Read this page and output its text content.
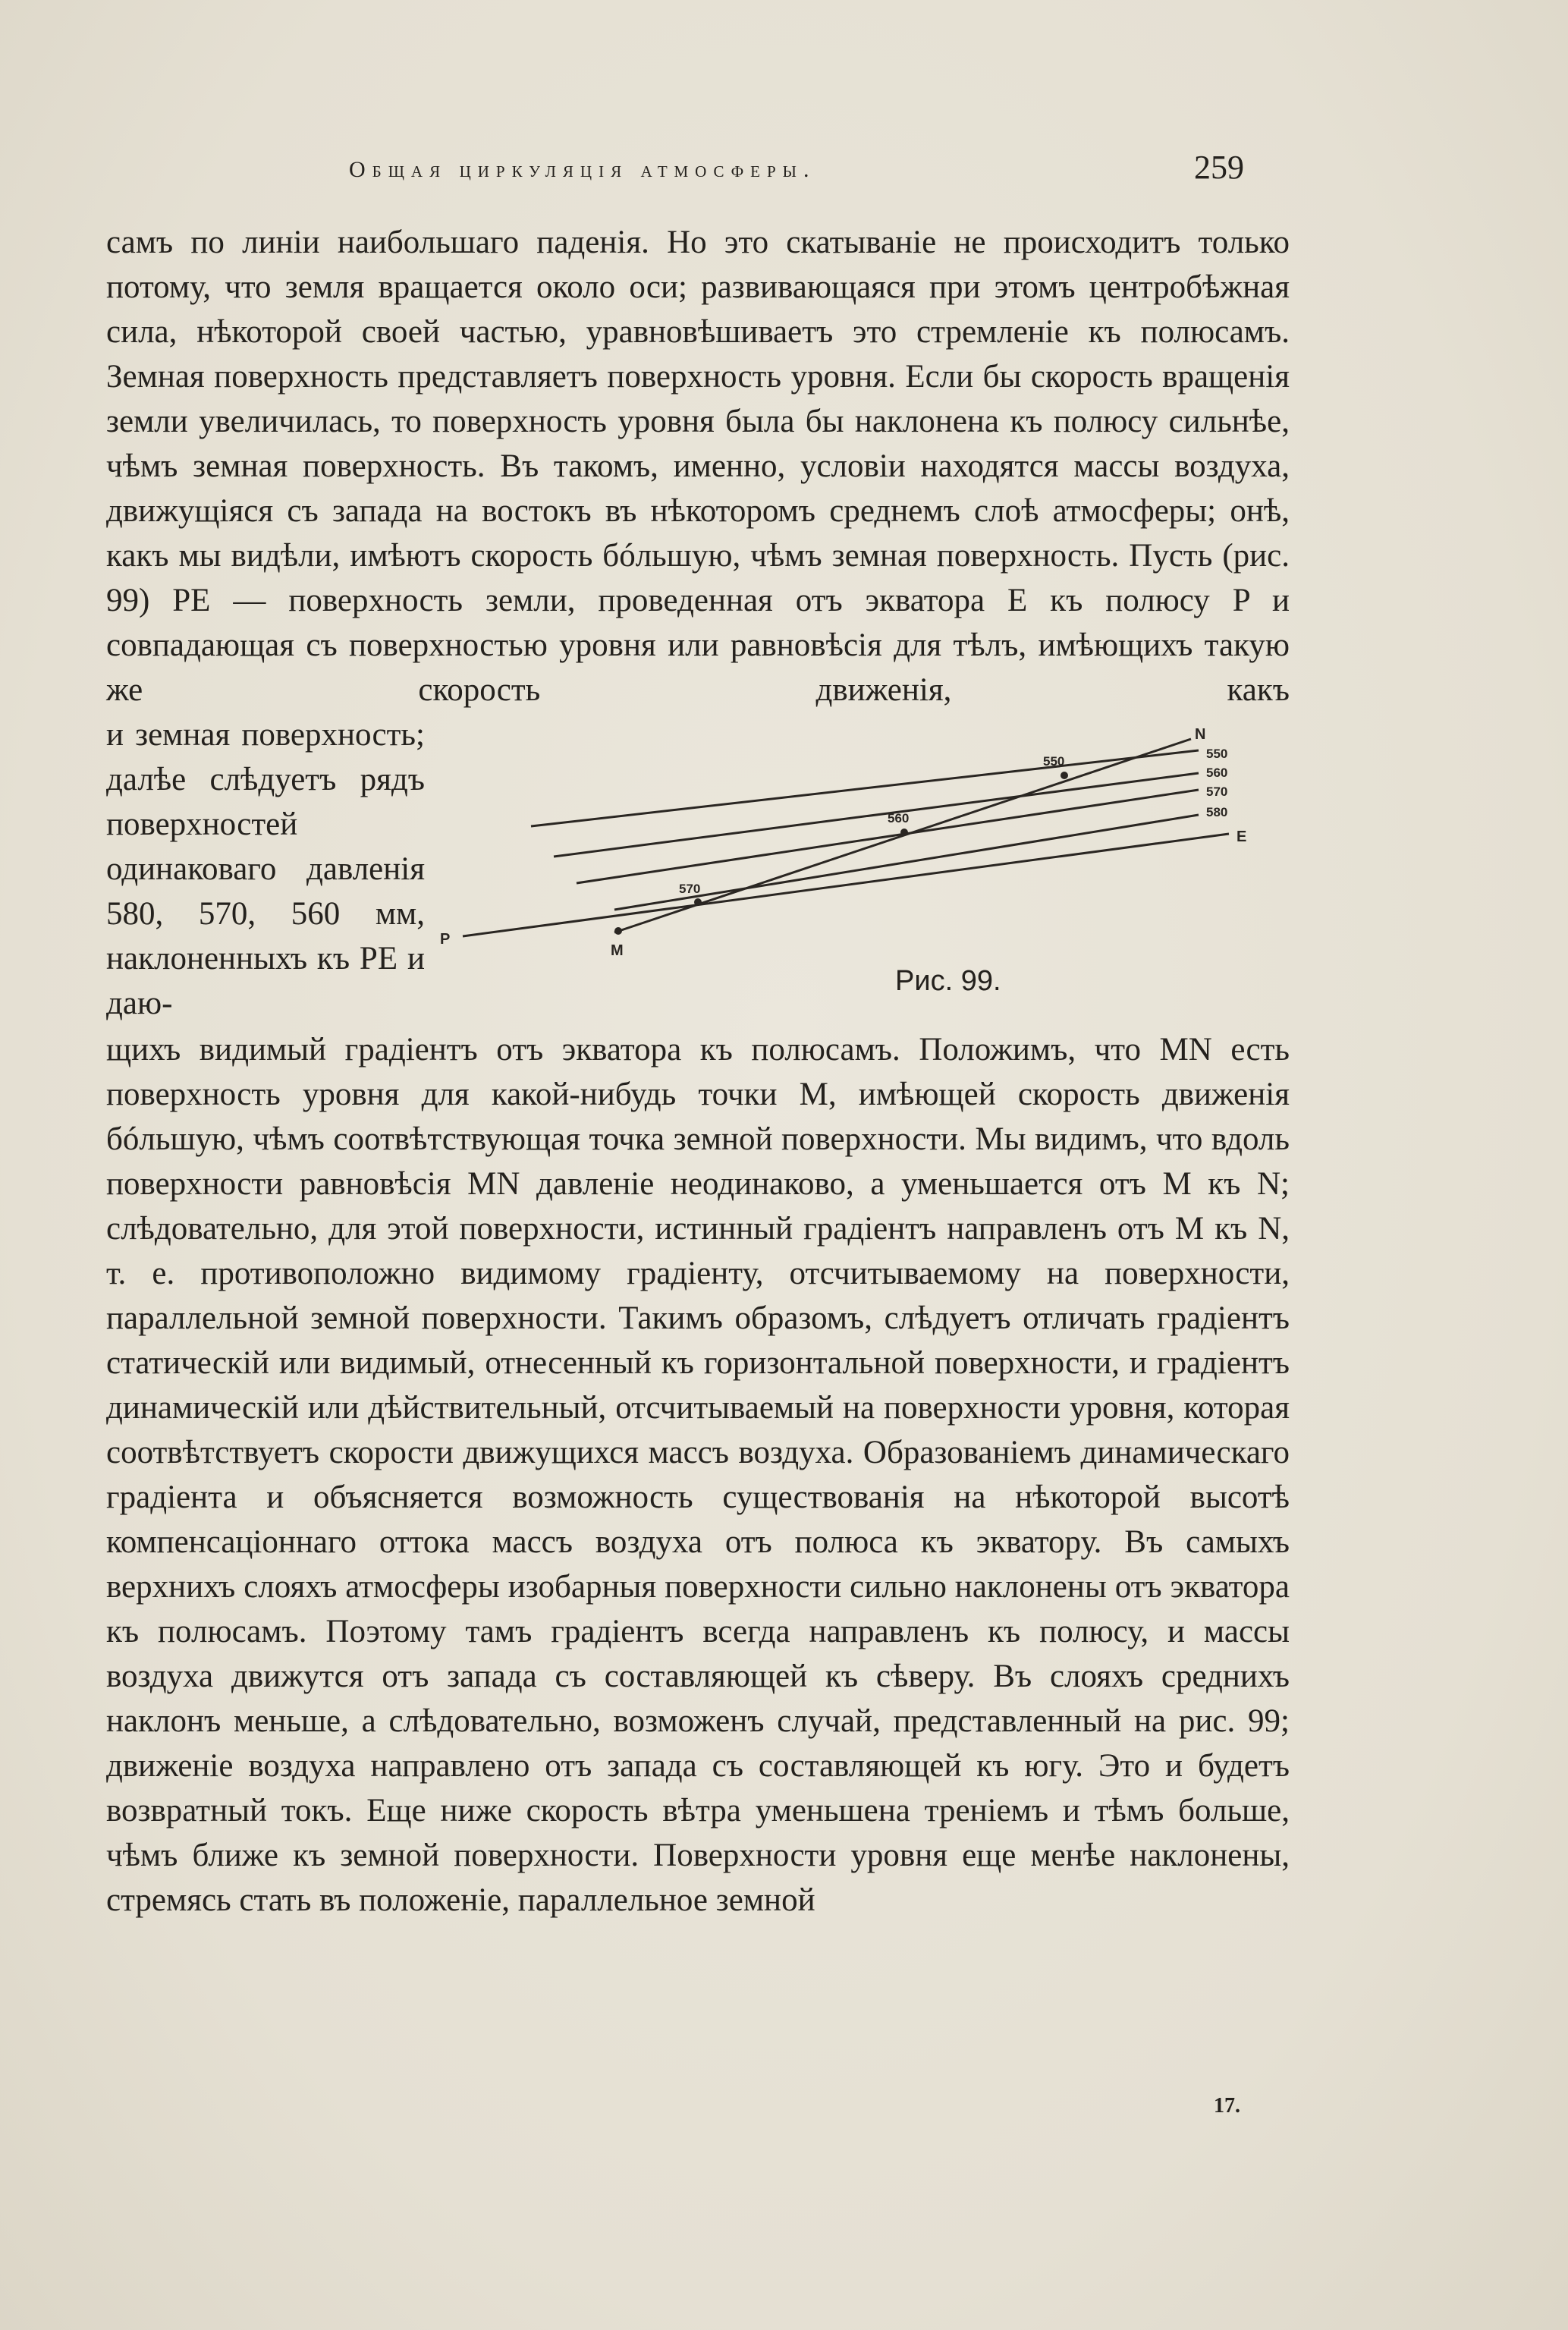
Общая циркуляція атмосферы.	259

самъ по линіи наибольшаго паденія. Но это скатываніе не происходитъ только потому, что земля вращается около оси; развивающаяся при этомъ центробѣжная сила, нѣкоторой своей частью, уравновѣшиваетъ это стремленіе къ полюсамъ. Земная поверхность представляетъ поверхность уровня. Если бы скорость вращенія земли увеличилась, то поверхность уровня была бы наклонена къ полюсу сильнѣе, чѣмъ земная поверхность. Въ такомъ, именно, условіи находятся массы воздуха, движущіяся съ запада на востокъ въ нѣкоторомъ среднемъ слоѣ атмосферы; онѣ, какъ мы видѣли, имѣютъ скорость бóльшую, чѣмъ земная поверхность. Пусть (рис. 99) PE — поверхность земли, проведенная отъ экватора E къ полюсу P и совпадающая съ поверхностью уровня или равновѣсія для тѣлъ, имѣющихъ такую же скорость движенія, какъ

и земная поверхность; далѣе слѣдуетъ рядъ поверхностей одинаковаго давленія 580, 570, 560 мм, наклоненныхъ къ PE и даю-
P
M
N
E
550
560
570
580
570
560
550
Рис. 99.

щихъ видимый градіентъ отъ экватора къ полюсамъ. Положимъ, что MN есть поверхность уровня для какой-нибудь точки M, имѣющей скорость движенія бóльшую, чѣмъ соотвѣтствующая точка земной поверхности. Мы видимъ, что вдоль поверхности равновѣсія MN давленіе неодинаково, а уменьшается отъ M къ N; слѣдовательно, для этой поверхности, истинный градіентъ направленъ отъ M къ N, т. е. противоположно видимому градіенту, отсчитываемому на поверхности, параллельной земной поверхности. Такимъ образомъ, слѣдуетъ отличать градіентъ статическій или видимый, отнесенный къ горизонтальной поверхности, и градіентъ динамическій или дѣйствительный, отсчитываемый на поверхности уровня, которая соотвѣтствуетъ скорости движущихся массъ воздуха. Образованіемъ динамическаго градіента и объясняется возможность существованія на нѣкоторой высотѣ компенсаціоннаго оттока массъ воздуха отъ полюса къ экватору. Въ самыхъ верхнихъ слояхъ атмосферы изобарныя поверхности сильно наклонены отъ экватора къ полюсамъ. Поэтому тамъ градіентъ всегда направленъ къ полюсу, и массы воздуха движутся отъ запада съ составляющей къ сѣверу. Въ слояхъ среднихъ наклонъ меньше, а слѣдовательно, возможенъ случай, представленный на рис. 99; движеніе воздуха направлено отъ запада съ составляющей къ югу. Это и будетъ возвратный токъ. Еще ниже скорость вѣтра уменьшена треніемъ и тѣмъ больше, чѣмъ ближе къ земной поверхности. Поверхности уровня еще менѣе наклонены, стремясь стать въ положеніе, параллельное земной

17.
